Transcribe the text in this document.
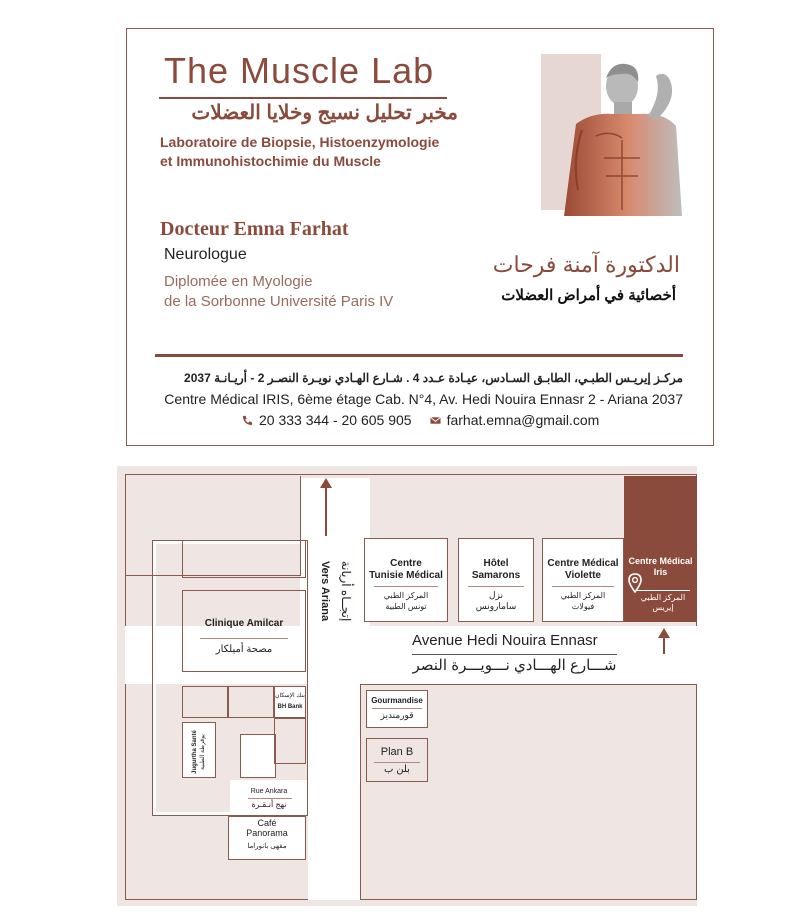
The Muscle Lab
مخبر تحليل نسيج وخلايا العضلات
Laboratoire de Biopsie, Histoenzymologie
et Immunohistochimie du Muscle
Docteur Emna Farhat
Neurologue
Diplomée en Myologie
de la Sorbonne Université Paris IV
الدكتورة آمنة فرحات
أخصائية في أمراض العضلات
مركـز إيريـس الطبـي، الطابـق السـادس، عيـادة عـدد 4 . شـارع الهـادي نويـرة النصـر 2 - أريـانـة 2037
Centre Médical IRIS, 6ème étage Cab. N°4, Av. Hedi Nouira Ennasr 2 - Ariana 2037
20 333 344 - 20 605 905	farhat.emna@gmail.com
Centre
Tunisie Médical
المركز الطبي
تونس الطبية
Hôtel
Samarons
نزل
سامارونس
Centre Médical
Violette
المركز الطبي
فيولات
Centre Médical
Iris
المركز الطبي
إيريس
Clinique Amilcar
مصحة أميلكار
بنك الإسكان
BH Bank
Jugurtha Santé يوقرطة الطبية
Rue Ankara
نهج أنـقـرة
Café
Panorama
مقهى بانوراما
Gourmandise
قورمنديز
Plan B
بلن ب
إتجــاه أريانة
Vers Ariana
Avenue Hedi Nouira Ennasr
شـــارع الهـــادي نـــويـــرة النصر
